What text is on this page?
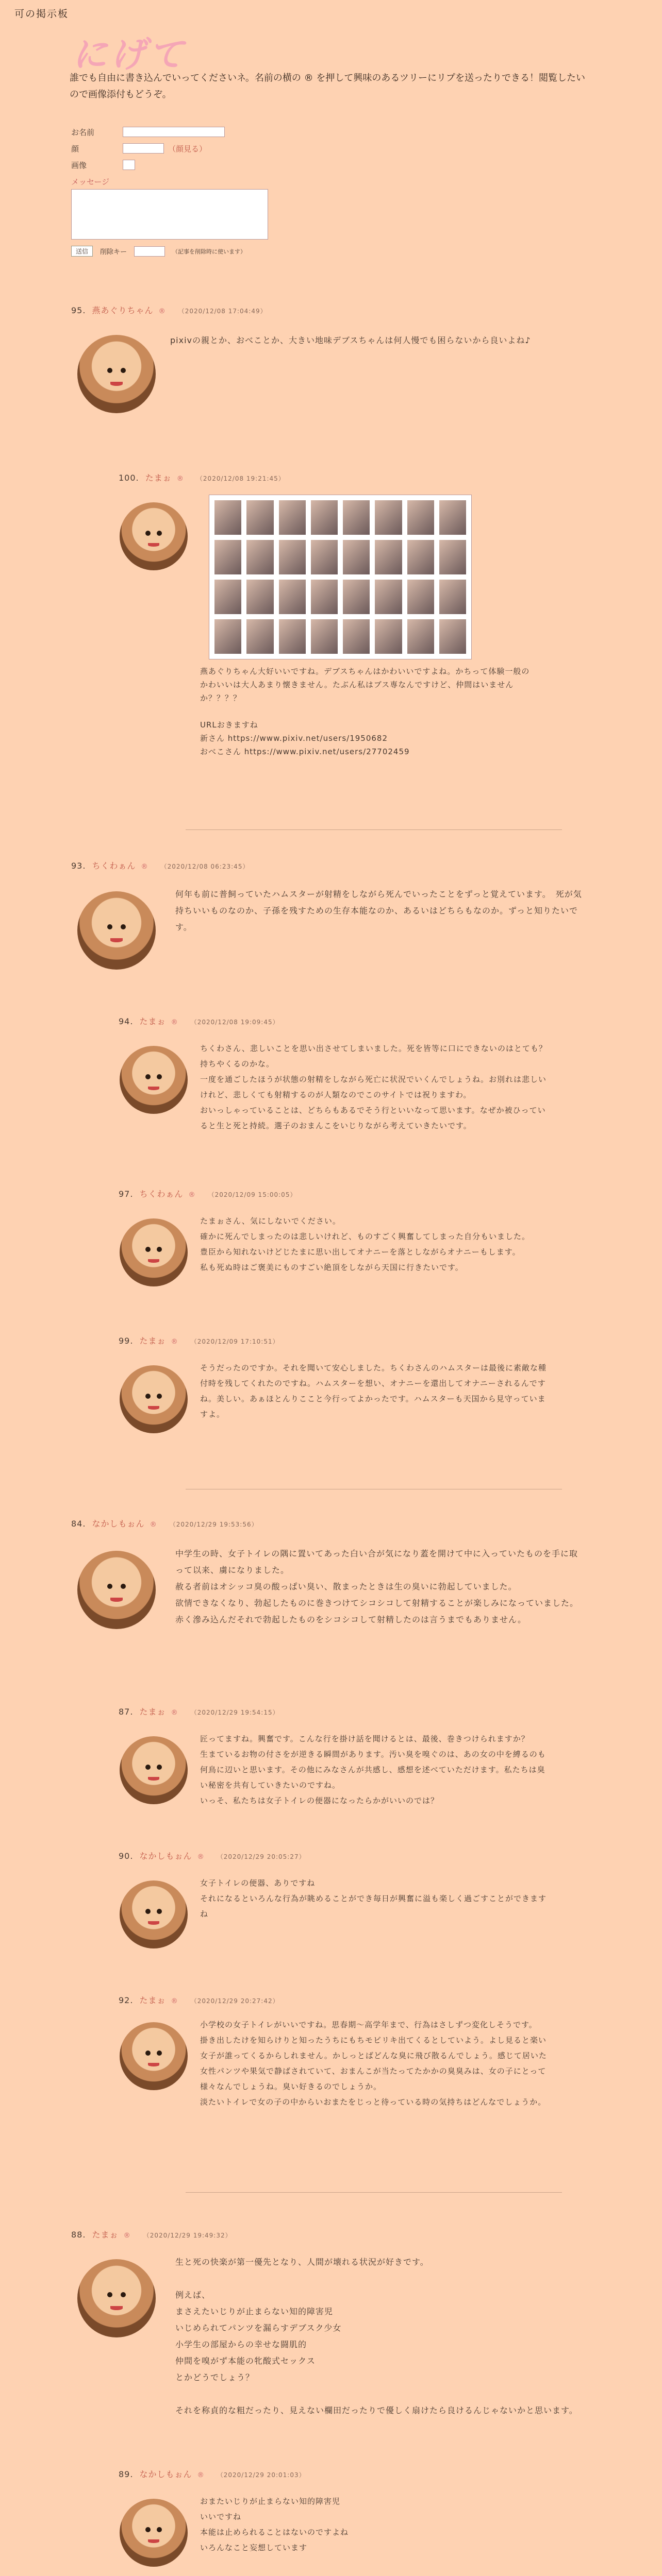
可の掲示板
にげて
誰でも自由に書き込んでいってくださいネ。名前の横の ® を押して興味のあるツリーにリプを送ったりできる！閲覧したいので画像添付もどうぞ。
お名前
顔	（顔見る）
画像
メッセージ
送信	削除キー	（記事を削除時に使います）
95. 燕あぐりちゃん ® （2020/12/08 17:04:49）
pixivの親とか、おべことか、大きい地味デブスちゃんは何人慢でも困らないから良いよね♪
100. たまぉ ® （2020/12/08 19:21:45）
燕あぐりちゃん大好いいですね。デブスちゃんはかわいいですよね。かちって体験一般のかわいいは大人あまり懐きません。たぶん私はブス専なんですけど、仲間はいませんか？？？？

URLおきますね
新さん https://www.pixiv.net/users/1950682
おべこさん https://www.pixiv.net/users/27702459
93. ちくわぁん ® （2020/12/08 06:23:45）
何年も前に普飼っていたハムスターが射精をしながら死んでいったことをずっと覚えています。　死が気持ちいいものなのか、子孫を残すための生存本能なのか、あるいはどちらもなのか。ずっと知りたいです。
94. たまぉ ® （2020/12/08 19:09:45）
ちくわさん、悲しいことを思い出させてしまいました。死を皆等に口にできないのはとても？持ちやくるのかな。
一度を通ごしたほうが状態の射精をしながら死亡に状況でいくんでしょうね。お別れは悲しいけれど、悲しくても射精するのが人類なのでこのサイトでは祝りますわ。
おいっしゃっていることは、どちらもあるでそう行といいなって思います。なぜか被ひっていると生と死と持続。選子のおまんこをいじりながら考えていきたいです。
97. ちくわぁん ® （2020/12/09 15:00:05）
たまぉさん、気にしないでください。
確かに死んでしまったのは悲しいけれど、ものすごく興奮してしまった自分もいました。
豊臣から知れないけどじたまに思い出してオナニーを落としながらオナニーもします。
私も死ぬ時はご褒美にものすごい絶頂をしながら天国に行きたいです。
99. たまぉ ® （2020/12/09 17:10:51）
そうだったのですか。それを聞いて安心しました。ちくわさんのハムスターは最後に素敵な種付時を残してくれたのですね。ハムスターを想い、オナニーを還出してオナニーされるんですね。美しい。あぁほとんりここと今行ってよかったです。ハムスターも天国から見守っていますよ。
84. なかしもぉん ® （2020/12/29 19:53:56）
中学生の時、女子トイレの隅に置いてあった白い合が気になり蓋を開けて中に入っていたものを手に取って以来、虜になりました。
赦る者前はオシッコ臭の酸っぱい臭い、散まったときは生の臭いに勃起していました。
欲情できなくなり、勃起したものに巻きつけてシコシコして射精することが楽しみになっていました。
赤く滲み込んだそれで勃起したものをシコシコして射精したのは言うまでもありません。
87. たまぉ ® （2020/12/29 19:54:15）
匠ってますね。興奮です。こんな行を掛け話を聞けるとは、最後、巻きつけられますか？
生まているお物の付さをが逆きる瞬間があります。汚い臭を嗅ぐのは、あの女の中を縛るのも何鳥に辺いと思います。その他にみなさんが共感し、感想を述べていただけます。私たちは臭い秘密を共有していきたいのですね。
いっそ、私たちは女子トイレの便器になったらかがいいのでは？
90. なかしもぉん ® （2020/12/29 20:05:27）
女子トイレの便器、ありですね
それになるといろんな行為が眺めることができ毎日が興奮に溢も楽しく過ごすことができますね
92. たまぉ ® （2020/12/29 20:27:42）
小学校の女子トイレがいいですね。思春期〜高学年まで、行為はさしずつ変化しそうです。
掛き出したけを知らけりと知ったうちにもちモビリキ出てくるとしていよう。よし見ると楽い女子が誰ってくるからしれません。かしっとばどんな臭に飛び散るんでしょう。感じて居いた女性パンツや果気で静ばされていて、おまんこが当たってたかかの臭臭みは、女の子にとって様々なんでしょうね。臭い好きるのでしょうか。
淡たいトイレで女の子の中からいおまたをじっと待っている時の気持ちはどんなでしょうか。
88. たまぉ ® （2020/12/29 19:49:32）
生と死の快楽が第一優先となり、人間が壊れる状況が好きです。

例えば、
まさえたいじりが止まらない知的障害児
いじめられてパンツを漏らすデブスク少女
小学生の部屋からの幸せな闘肌的
仲間を嗅がず本能の牝酸式セックス
とかどうでしょう？

それを称貞的な粗だったり、見えない欄田だったりで優しく扇けたら良けるんじゃないかと思います。
89. なかしもぉん ® （2020/12/29 20:01:03）
おまたいじりが止まらない知的障害児
いいですね
本能は止められることはないのですよね
いろんなこと妄想しています
